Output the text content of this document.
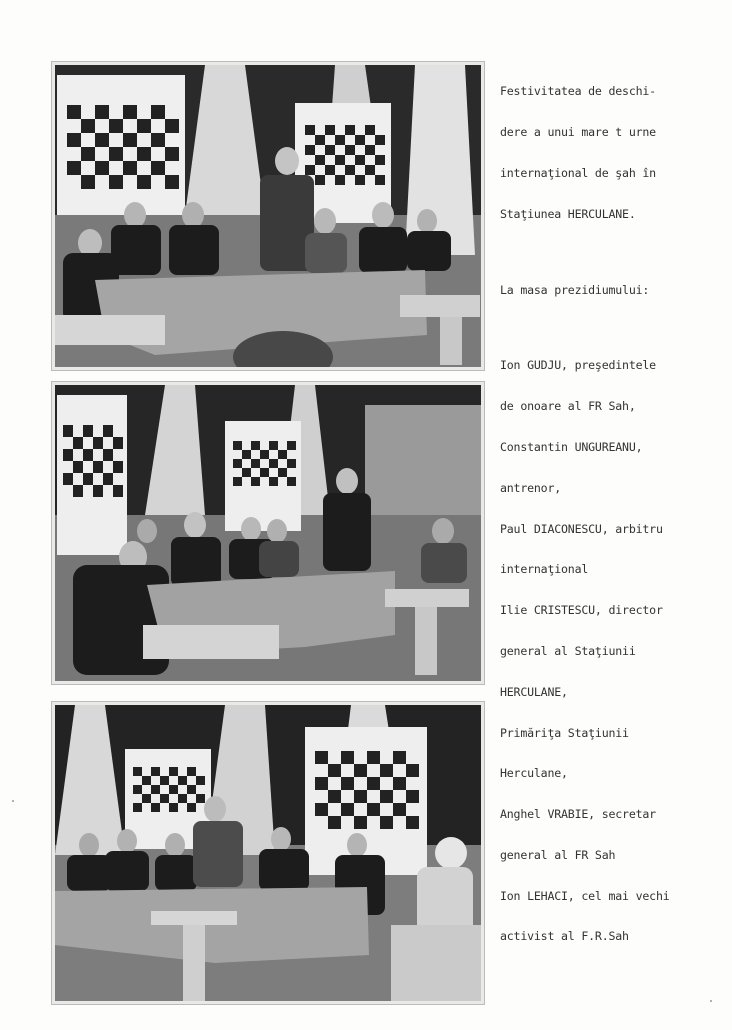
Festivitatea de deschi-

dere a unui mare t urne

internaţional de şah în

Staţiunea HERCULANE.

La masa prezidiumului:

Ion GUDJU, preşedintele

de onoare al FR Sah,

Constantin UNGUREANU,

antrenor,

Paul DIACONESCU, arbitru

internaţional

Ilie CRISTESCU, director

general al Staţiunii

HERCULANE,

Primăriţa Staţiunii

Herculane,

Anghel VRABIE, secretar

general al FR Sah

Ion LEHACI, cel mai vechi

activist al F.R.Sah
